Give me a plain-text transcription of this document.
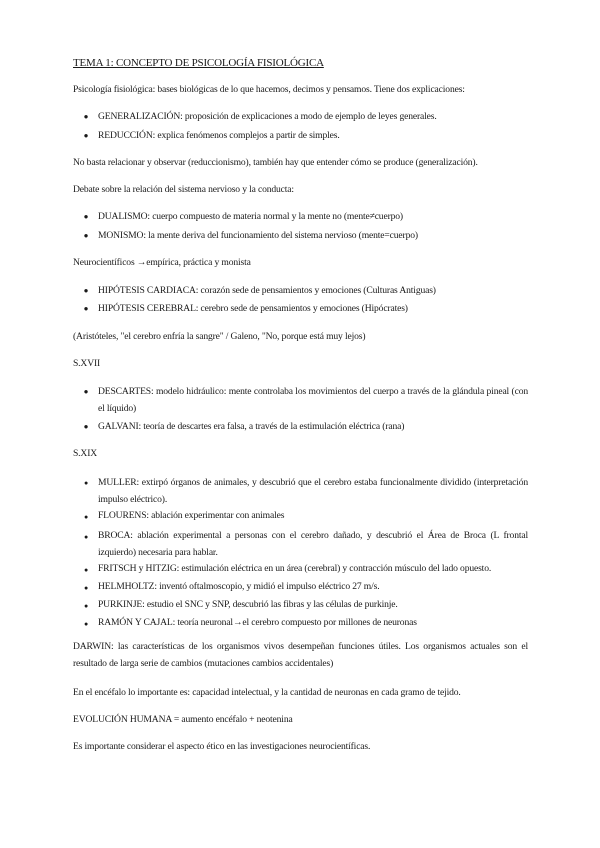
TEMA 1: CONCEPTO DE PSICOLOGÍA FISIOLÓGICA
Psicología fisiológica: bases biológicas de lo que hacemos, decimos y pensamos. Tiene dos explicaciones:
● GENERALIZACIÓN: proposición de explicaciones a modo de ejemplo de leyes generales.
● REDUCCIÓN: explica fenómenos complejos a partir de simples.
No basta relacionar y observar (reduccionismo), también hay que entender cómo se produce (generalización).
Debate sobre la relación del sistema nervioso y la conducta:
● DUALISMO: cuerpo compuesto de materia normal y la mente no (mente≠cuerpo)
● MONISMO: la mente deriva del funcionamiento del sistema nervioso (mente=cuerpo)
Neurocientíficos →empírica, práctica y monista
● HIPÓTESIS CARDIACA: corazón sede de pensamientos y emociones (Culturas Antiguas)
● HIPÓTESIS CEREBRAL: cerebro sede de pensamientos y emociones (Hipócrates)
(Aristóteles, "el cerebro enfría la sangre" / Galeno, "No, porque está muy lejos)
S.XVII
● DESCARTES: modelo hidráulico: mente controlaba los movimientos del cuerpo a través de la glándula pineal (con el líquido)
● GALVANI: teoría de descartes era falsa, a través de la estimulación eléctrica (rana)
S.XIX
● MULLER: extirpó órganos de animales, y descubrió que el cerebro estaba funcionalmente dividido (interpretación impulso eléctrico).
● FLOURENS: ablación experimentar con animales
● BROCA: ablación experimental a personas con el cerebro dañado, y descubrió el Área de Broca (L frontal izquierdo) necesaria para hablar.
● FRITSCH y HITZIG: estimulación eléctrica en un área (cerebral) y contracción músculo del lado opuesto.
● HELMHOLTZ: inventó oftalmoscopio, y midió el impulso eléctrico 27 m/s.
● PURKINJE: estudio el SNC y SNP, descubrió las fibras y las células de purkinje.
● RAMÓN Y CAJAL: teoría neuronal→el cerebro compuesto por millones de neuronas
DARWIN: las características de los organismos vivos desempeñan funciones útiles. Los organismos actuales son el resultado de larga serie de cambios (mutaciones cambios accidentales)
En el encéfalo lo importante es: capacidad intelectual, y la cantidad de neuronas en cada gramo de tejido.
EVOLUCIÓN HUMANA = aumento encéfalo + neotenina
Es importante considerar el aspecto ético en las investigaciones neurocientíficas.
